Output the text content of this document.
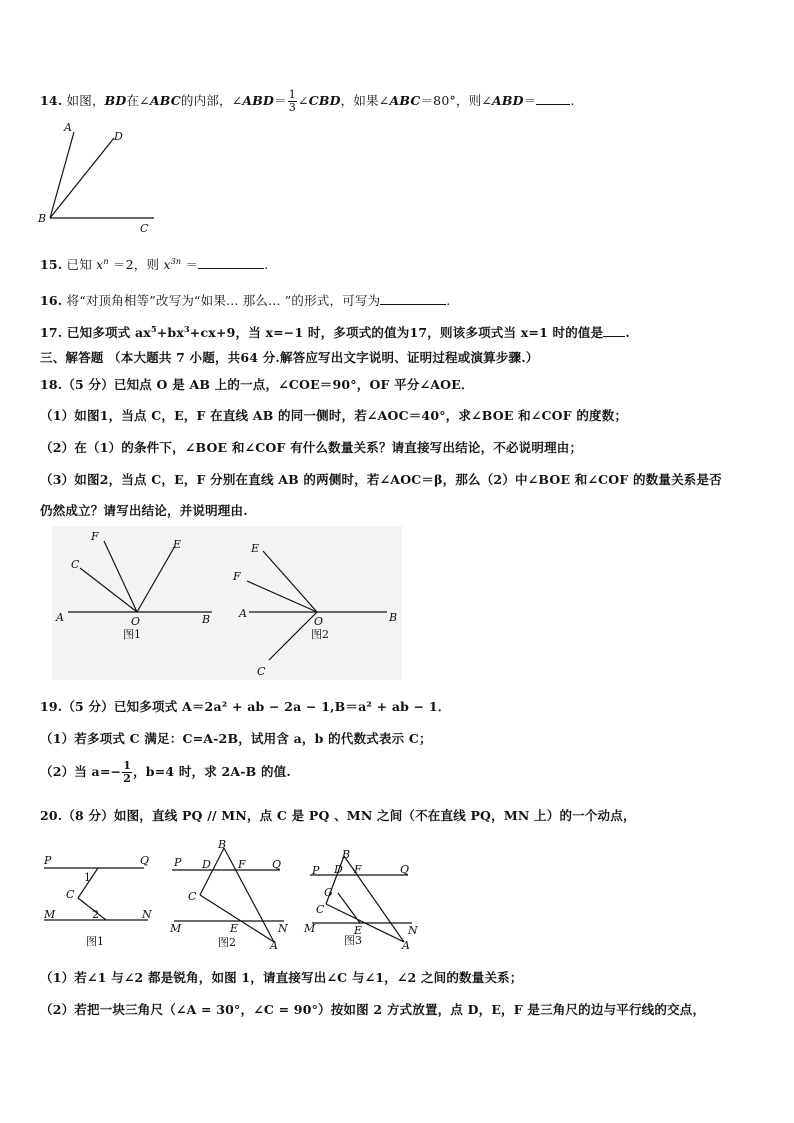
14. 如图，BD在∠ABC的内部，∠ABD＝ $\frac{1}{3}$ ∠CBD，如果∠ABC＝80°，则∠ABD＝	.
A
D
B
C
15. 已知 $x^n =2$，则 $x^{3n}$ ＝	.
16. 将“对顶角相等”改写为“如果... 那么... ”的形式，可写为	.
17. 已知多项式 $ax^5+bx^3+cx+9$，当 x=−1 时，多项式的值为17，则该多项式当 x=1 时的值是 .
三、解答题 （本大题共 7 小题，共64 分.解答应写出文字说明、证明过程或演算步骤.）
18.（5 分）已知点 O 是 AB 上的一点，∠COE＝90°，OF 平分∠AOE．
（1）如图1，当点 C，E，F 在直线 AB 的同一侧时，若∠AOC＝40°，求∠BOE 和∠COF 的度数；
（2）在（1）的条件下，∠BOE 和∠COF 有什么数量关系？请直接写出结论，不必说明理由；
（3）如图2，当点 C，E，F 分别在直线 AB 的两侧时，若∠AOC＝β，那么（2）中∠BOE 和∠COF 的数量关系是否
仍然成立？请写出结论，并说明理由.
F
E
C
A	O	B
图1
E
F
A
O	B
C
图2
19.（5 分）已知多项式 A＝2a² + ab − 2a − 1,B＝a² + ab − 1．
（1）若多项式 C 满足：C=A-2B，试用含 a，b 的代数式表示 C；
（2）当 $a=- \frac{1}{2}$ ，b=4 时，求 2A-B 的值.
20.（8 分）如图，直线 PQ // MN，点 C 是 PQ 、MN 之间（不在直线 PQ，MN 上）的一个动点，
P	Q
M	N
C
1
2
图1
B
P D F Q
C
M	E	N
A
图2
B
P D F	Q
G
C
M	E	N
A
图3
（1）若∠1 与∠2 都是锐角，如图 1，请直接写出∠C 与∠1，∠2 之间的数量关系；
（2）若把一块三角尺（∠A = 30°，∠C = 90°）按如图 2 方式放置，点 D，E，F 是三角尺的边与平行线的交点，
